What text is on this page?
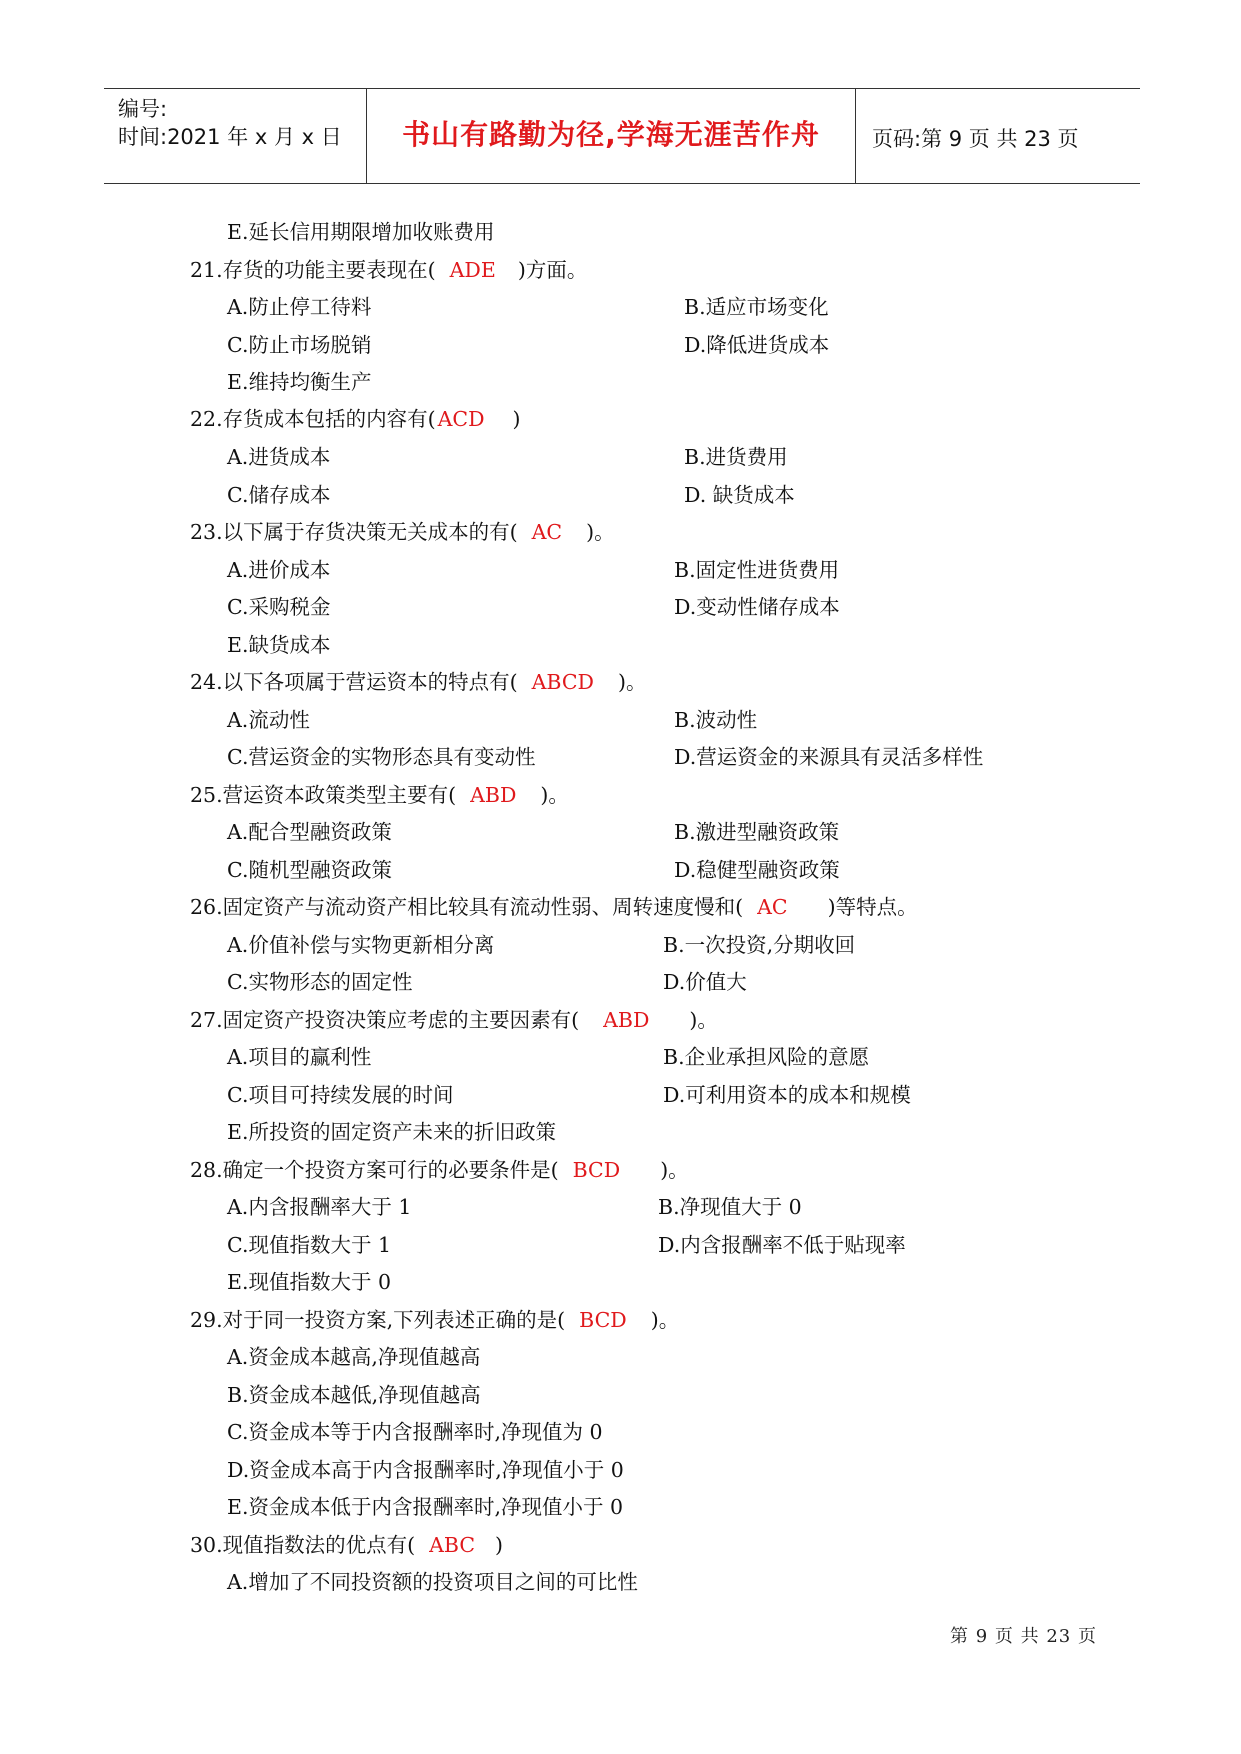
编号:
时间:2021 年 x 月 x 日	书山有路勤为径,学海无涯苦作舟	页码:第 9 页 共 23 页
E.延长信用期限增加收账费用
21.存货的功能主要表现在( ADE )方面。
A.防止停工待料	B.适应市场变化
C.防止市场脱销	D.降低进货成本
E.维持均衡生产
22.存货成本包括的内容有(ACD )
A.进货成本	B.进货费用
C.储存成本	D. 缺货成本
23.以下属于存货决策无关成本的有( AC )。
A.进价成本	B.固定性进货费用
C.采购税金	D.变动性储存成本
E.缺货成本
24.以下各项属于营运资本的特点有( ABCD )。
A.流动性	B.波动性
C.营运资金的实物形态具有变动性	D.营运资金的来源具有灵活多样性
25.营运资本政策类型主要有( ABD )。
A.配合型融资政策	B.激进型融资政策
C.随机型融资政策	D.稳健型融资政策
26.固定资产与流动资产相比较具有流动性弱、周转速度慢和( AC )等特点。
A.价值补偿与实物更新相分离	B.一次投资,分期收回
C.实物形态的固定性	D.价值大
27.固定资产投资决策应考虑的主要因素有( ABD )。
A.项目的赢利性	B.企业承担风险的意愿
C.项目可持续发展的时间	D.可利用资本的成本和规模
E.所投资的固定资产未来的折旧政策
28.确定一个投资方案可行的必要条件是( BCD )。
A.内含报酬率大于 1	B.净现值大于 0
C.现值指数大于 1	D.内含报酬率不低于贴现率
E.现值指数大于 0
29.对于同一投资方案,下列表述正确的是( BCD )。
A.资金成本越高,净现值越高
B.资金成本越低,净现值越高
C.资金成本等于内含报酬率时,净现值为 0
D.资金成本高于内含报酬率时,净现值小于 0
E.资金成本低于内含报酬率时,净现值小于 0
30.现值指数法的优点有( ABC )
A.增加了不同投资额的投资项目之间的可比性
第 9 页 共 23 页
